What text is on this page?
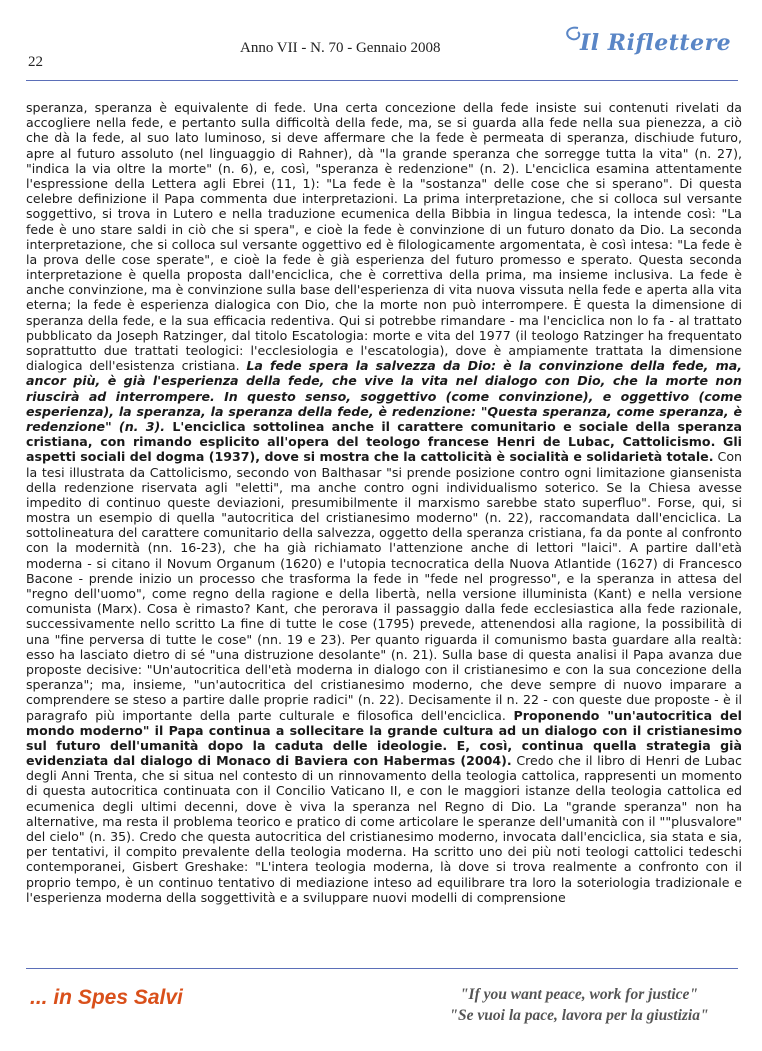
22
Anno VII - N. 70 - Gennaio 2008	Il Riflettere
speranza, speranza è equivalente di fede. Una certa concezione della fede insiste sui contenuti rivelati da accogliere nella fede, e pertanto sulla difficoltà della fede, ma, se si guarda alla fede nella sua pienezza, a ciò che dà la fede, al suo lato luminoso, si deve affermare che la fede è permeata di speranza, dischiude futuro, apre al futuro assoluto (nel linguaggio di Rahner), dà "la grande speranza che sorregge tutta la vita" (n. 27), "indica la via oltre la morte" (n. 6), e, così, "speranza è redenzione" (n. 2). L'enciclica esamina attentamente l'espressione della Lettera agli Ebrei (11, 1): "La fede è la "sostanza" delle cose che si sperano". Di questa celebre definizione il Papa commenta due interpretazioni. La prima interpretazione, che si colloca sul versante soggettivo, si trova in Lutero e nella traduzione ecumenica della Bibbia in lingua tedesca, la intende così: "La fede è uno stare saldi in ciò che si spera", e cioè la fede è convinzione di un futuro donato da Dio. La seconda interpretazione, che si colloca sul versante oggettivo ed è filologicamente argomentata, è così intesa: "La fede è la prova delle cose sperate", e cioè la fede è già esperienza del futuro promesso e sperato. Questa seconda interpretazione è quella proposta dall'enciclica, che è correttiva della prima, ma insieme inclusiva. La fede è anche convinzione, ma è convinzione sulla base dell'esperienza di vita nuova vissuta nella fede e aperta alla vita eterna; la fede è esperienza dialogica con Dio, che la morte non può interrompere. È questa la dimensione di speranza della fede, e la sua efficacia redentiva. Qui si potrebbe rimandare - ma l'enciclica non lo fa - al trattato pubblicato da Joseph Ratzinger, dal titolo Escatologia: morte e vita del 1977 (il teologo Ratzinger ha frequentato soprattutto due trattati teologici: l'ecclesiologia e l'escatologia), dove è ampiamente trattata la dimensione dialogica dell'esistenza cristiana. La fede spera la salvezza da Dio: è la convinzione della fede, ma, ancor più, è già l'esperienza della fede, che vive la vita nel dialogo con Dio, che la morte non riuscirà ad interrompere. In questo senso, soggettivo (come convinzione), e oggettivo (come esperienza), la speranza, la speranza della fede, è redenzione: "Questa speranza, come speranza, è redenzione" (n. 3). L'enciclica sottolinea anche il carattere comunitario e sociale della speranza cristiana, con rimando esplicito all'opera del teologo francese Henri de Lubac, Cattolicismo. Gli aspetti sociali del dogma (1937), dove si mostra che la cattolicità è socialità e solidarietà totale. Con la tesi illustrata da Cattolicismo, secondo von Balthasar "si prende posizione contro ogni limitazione giansenista della redenzione riservata agli "eletti", ma anche contro ogni individualismo soterico. Se la Chiesa avesse impedito di continuo queste deviazioni, presumibilmente il marxismo sarebbe stato superfluo". Forse, qui, si mostra un esempio di quella "autocritica del cristianesimo moderno" (n. 22), raccomandata dall'enciclica. La sottolineatura del carattere comunitario della salvezza, oggetto della speranza cristiana, fa da ponte al confronto con la modernità (nn. 16-23), che ha già richiamato l'attenzione anche di lettori "laici". A partire dall'età moderna - si citano il Novum Organum (1620) e l'utopia tecnocratica della Nuova Atlantide (1627) di Francesco Bacone - prende inizio un processo che trasforma la fede in "fede nel progresso", e la speranza in attesa del "regno dell'uomo", come regno della ragione e della libertà, nella versione illuminista (Kant) e nella versione comunista (Marx). Cosa è rimasto? Kant, che perorava il passaggio dalla fede ecclesiastica alla fede razionale, successivamente nello scritto La fine di tutte le cose (1795) prevede, attenendosi alla ragione, la possibilità di una "fine perversa di tutte le cose" (nn. 19 e 23). Per quanto riguarda il comunismo basta guardare alla realtà: esso ha lasciato dietro di sé "una distruzione desolante" (n. 21). Sulla base di questa analisi il Papa avanza due proposte decisive: "Un'autocritica dell'età moderna in dialogo con il cristianesimo e con la sua concezione della speranza"; ma, insieme, "un'autocritica del cristianesimo moderno, che deve sempre di nuovo imparare a comprendere se steso a partire dalle proprie radici" (n. 22). Decisamente il n. 22 - con queste due proposte - è il paragrafo più importante della parte culturale e filosofica dell'enciclica. Proponendo "un'autocritica del mondo moderno" il Papa continua a sollecitare la grande cultura ad un dialogo con il cristianesimo sul futuro dell'umanità dopo la caduta delle ideologie. E, così, continua quella strategia già evidenziata dal dialogo di Monaco di Baviera con Habermas (2004). Credo che il libro di Henri de Lubac degli Anni Trenta, che si situa nel contesto di un rinnovamento della teologia cattolica, rappresenti un momento di questa autocritica continuata con il Concilio Vaticano II, e con le maggiori istanze della teologia cattolica ed ecumenica degli ultimi decenni, dove è viva la speranza nel Regno di Dio. La "grande speranza" non ha alternative, ma resta il problema teorico e pratico di come articolare le speranze dell'umanità con il ""plusvalore" del cielo" (n. 35). Credo che questa autocritica del cristianesimo moderno, invocata dall'enciclica, sia stata e sia, per tentativi, il compito prevalente della teologia moderna. Ha scritto uno dei più noti teologi cattolici tedeschi contemporanei, Gisbert Greshake: "L'intera teologia moderna, là dove si trova realmente a confronto con il proprio tempo, è un continuo tentativo di mediazione inteso ad equilibrare tra loro la soteriologia tradizionale e l'esperienza moderna della soggettività e a sviluppare nuovi modelli di comprensione
... in Spes Salvi	"If you want peace, work for justice"
"Se vuoi la pace, lavora per la giustizia"
